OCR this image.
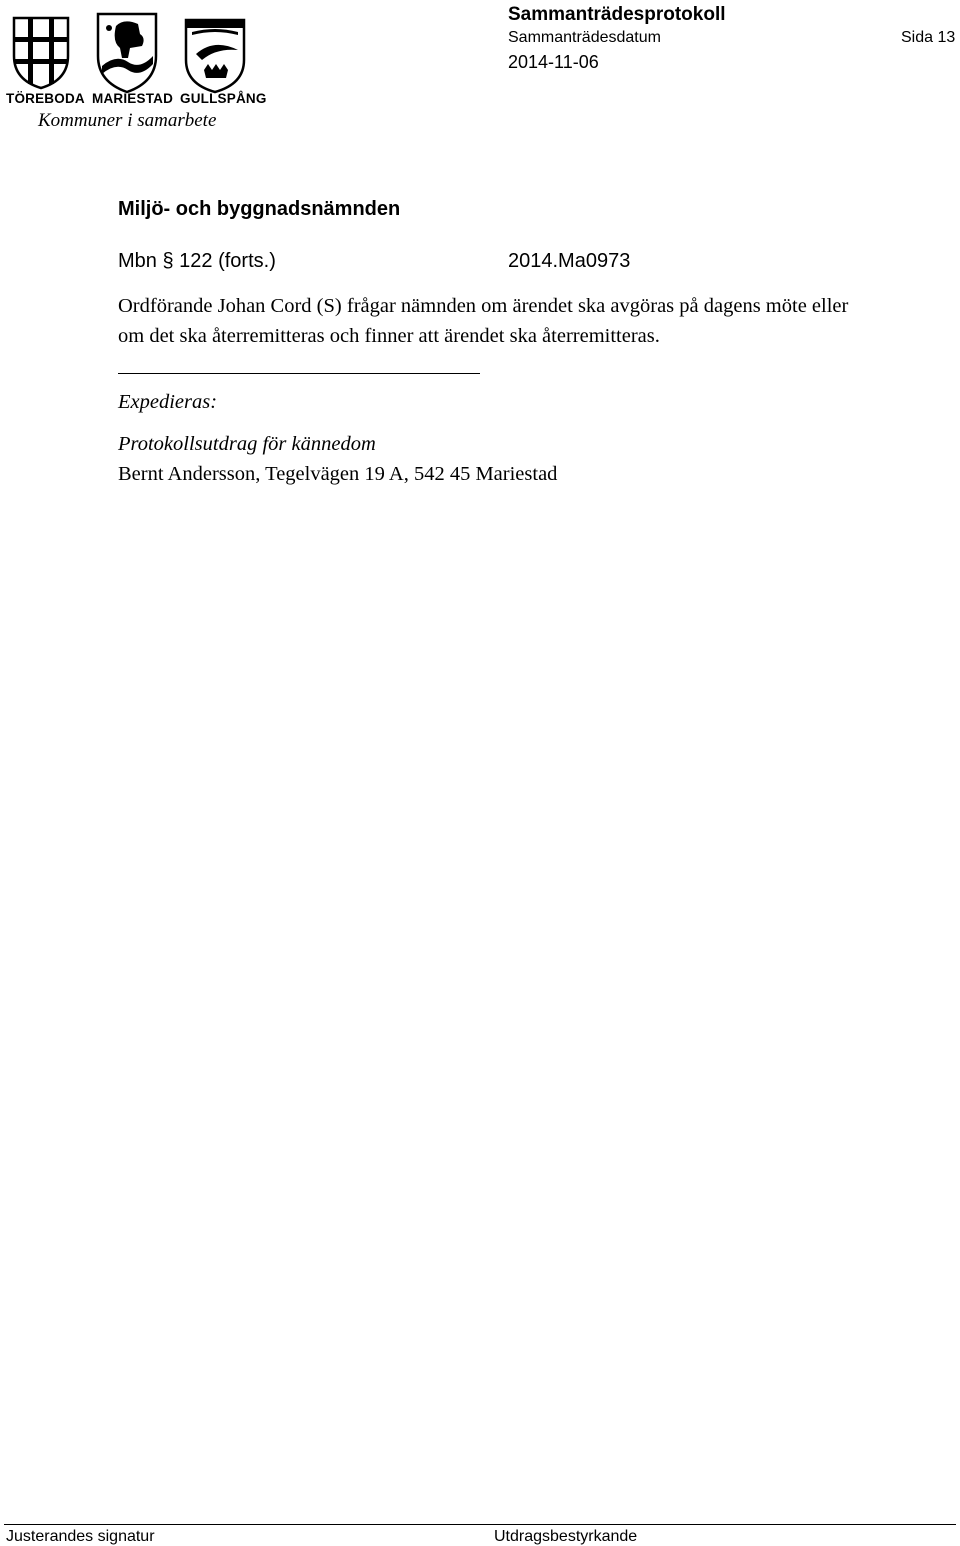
TÖREBODA MARIESTAD GULLSPÅNG
Kommuner i samarbete
Sammanträdesprotokoll
Sammanträdesdatum	Sida 13
2014-11-06
Miljö- och byggnadsnämnden
Mbn § 122 (forts.)	2014.Ma0973
Ordförande Johan Cord (S) frågar nämnden om ärendet ska avgöras på dagens möte eller
om det ska återremitteras och finner att ärendet ska återremitteras.
Expedieras:
Protokollsutdrag för kännedom
Bernt Andersson, Tegelvägen 19 A, 542 45 Mariestad
Justerandes signatur	Utdragsbestyrkande
